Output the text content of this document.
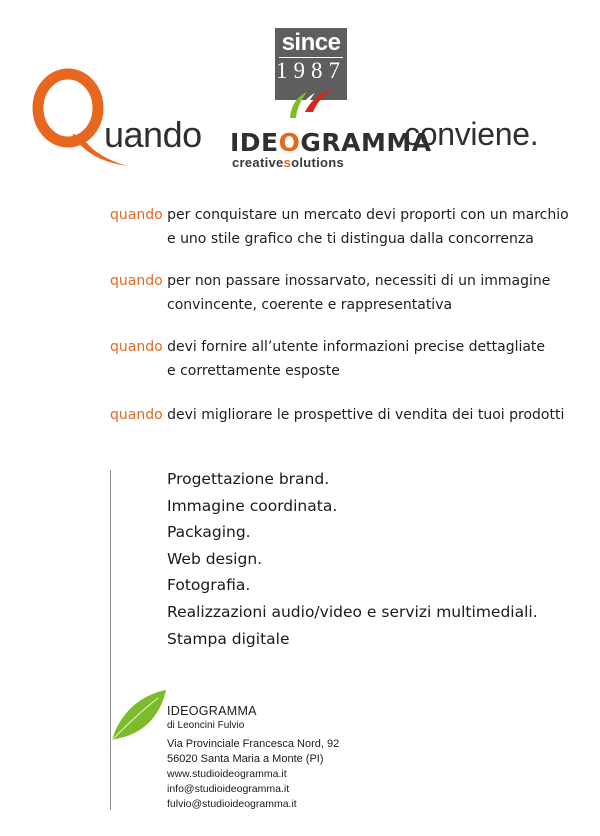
since
1987
uando IDEOGRAMMA
conviene.
creativesolutions
quando per conquistare un mercato devi proporti con un marchio
e uno stile grafico che ti distingua dalla concorrenza
quando per non passare inossarvato, necessiti di un immagine
convincente, coerente e rappresentativa
quando devi fornire all’utente informazioni precise dettagliate
e correttamente esposte
quando devi migliorare le prospettive di vendita dei tuoi prodotti
Progettazione brand.
Immagine coordinata.
Packaging.
Web design.
Fotografia.
Realizzazioni audio/video e servizi multimediali.
Stampa digitale
IDEOGRAMMA
di Leoncini Fulvio
Via Provinciale Francesca Nord, 92
56020 Santa Maria a Monte (PI)
www.studioideogramma.it
info@studioideogramma.it
fulvio@studioideogramma.it
